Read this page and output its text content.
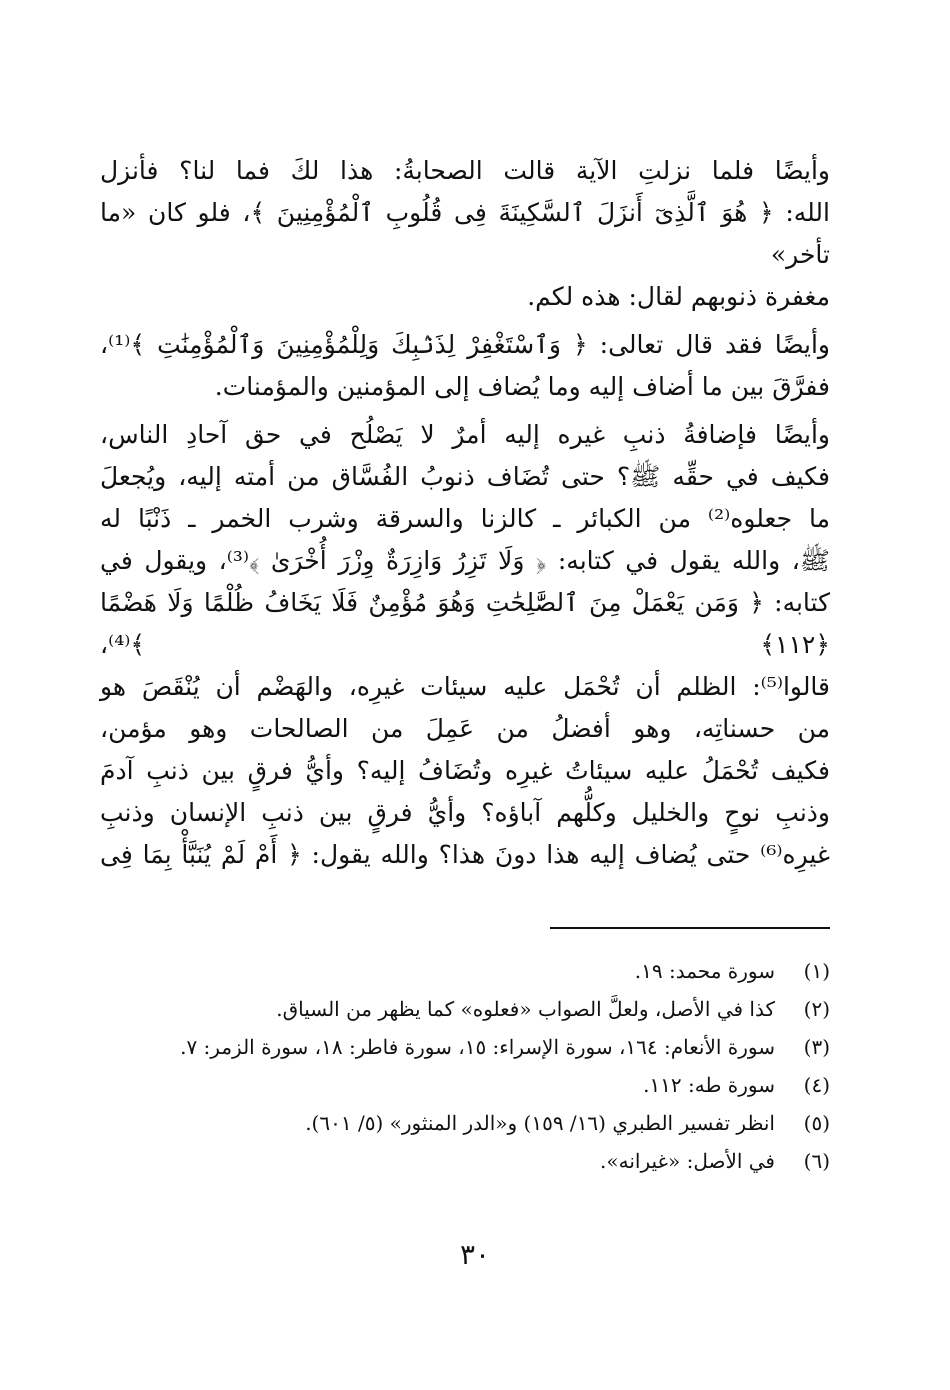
وأيضًا فلما نزلتِ الآية قالت الصحابةُ: هذا لكَ فما لنا؟ فأنزل
الله: ﴿ هُوَ ٱلَّذِىٓ أَنزَلَ ٱلسَّكِينَةَ فِى قُلُوبِ ٱلْمُؤْمِنِينَ ﴾، فلو كان «ما تأخر»
مغفرة ذنوبهم لقال: هذه لكم.
وأيضًا فقد قال تعالى: ﴿ وَٱسْتَغْفِرْ لِذَنۢبِكَ وَلِلْمُؤْمِنِينَ وَٱلْمُؤْمِنَٰتِ ﴾⁽¹⁾،
ففرَّقَ بين ما أضاف إليه وما يُضاف إلى المؤمنين والمؤمنات.
وأيضًا فإضافةُ ذنبِ غيره إليه أمرٌ لا يَصْلُح في حق آحادِ الناس،
فكيف في حقِّه ﷺ؟ حتى تُضَاف ذنوبُ الفُسَّاق من أمته إليه، ويُجعلَ
ما جعلوه⁽²⁾ من الكبائر ـ كالزنا والسرقة وشرب الخمر ـ ذَنْبًا له
ﷺ، والله يقول في كتابه: ﴿ وَلَا تَزِرُ وَازِرَةٌ وِزْرَ أُخْرَىٰ ﴾⁽³⁾، ويقول في
كتابه: ﴿ وَمَن يَعْمَلْ مِنَ ٱلصَّٰلِحَٰتِ وَهُوَ مُؤْمِنٌ فَلَا يَخَافُ ظُلْمًا وَلَا هَضْمًا ﴿١١٢﴾ ﴾⁽⁴⁾،
قالوا⁽⁵⁾: الظلم أن تُحْمَل عليه سيئات غيرِه، والهَضْم أن يُنْقَصَ هو
من حسناتِه، وهو أفضلُ من عَمِلَ من الصالحات وهو مؤمن،
فكيف تُحْمَلُ عليه سيئاتُ غيرِه وتُضَافُ إليه؟ وأيُّ فرقٍ بين ذنبِ آدمَ
وذنبِ نوحٍ والخليل وكلُّهم آباؤه؟ وأيُّ فرقٍ بين ذنبِ الإنسان وذنبِ
غيرِه⁽⁶⁾ حتى يُضاف إليه هذا دونَ هذا؟ والله يقول: ﴿ أَمْ لَمْ يُنَبَّأْ بِمَا فِى
(١)
سورة محمد: ١٩.
(٢)
كذا في الأصل، ولعلَّ الصواب «فعلوه» كما يظهر من السياق.
(٣)
سورة الأنعام: ١٦٤، سورة الإسراء: ١٥، سورة فاطر: ١٨، سورة الزمر: ٧.
(٤)
سورة طه: ١١٢.
(٥)
انظر تفسير الطبري (١٦/ ١٥٩) و«الدر المنثور» (٥/ ٦٠١).
(٦)
في الأصل: «غيرانه».
٣٠
